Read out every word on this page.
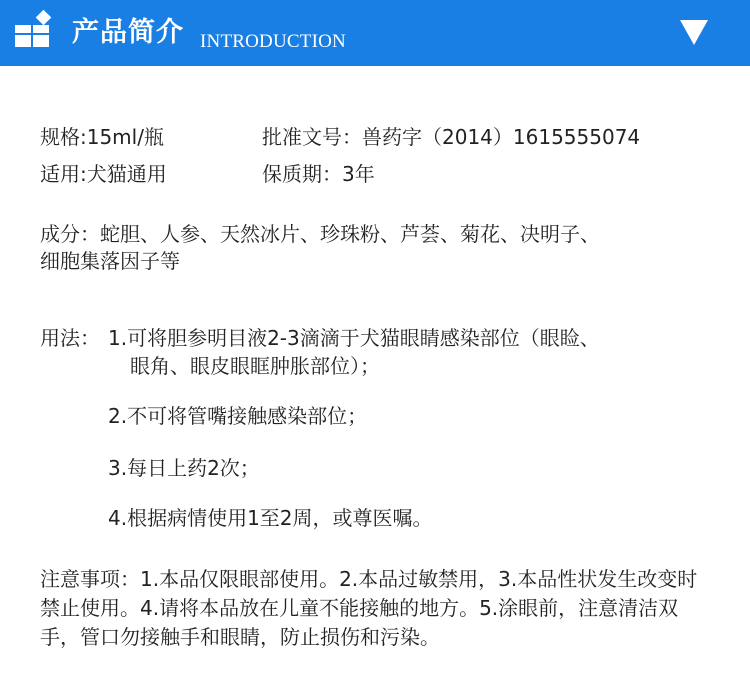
产品简介 INTRODUCTION
规格:15ml/瓶	批准文号：兽药字（2014）1615555074
适用:犬猫通用	保质期：3年
成分：蛇胆、人参、天然冰片、珍珠粉、芦荟、菊花、决明子、
细胞集落因子等
用法： 1.可将胆参明目液2-3滴滴于犬猫眼睛感染部位（眼睑、
眼角、眼皮眼眶肿胀部位）；
2.不可将管嘴接触感染部位；
3.每日上药2次；
4.根据病情使用1至2周，或尊医嘱。
注意事项：1.本品仅限眼部使用。2.本品过敏禁用，3.本品性状发生改变时禁止使用。4.请将本品放在儿童不能接触的地方。5.涂眼前，注意清洁双手，管口勿接触手和眼睛，防止损伤和污染。
